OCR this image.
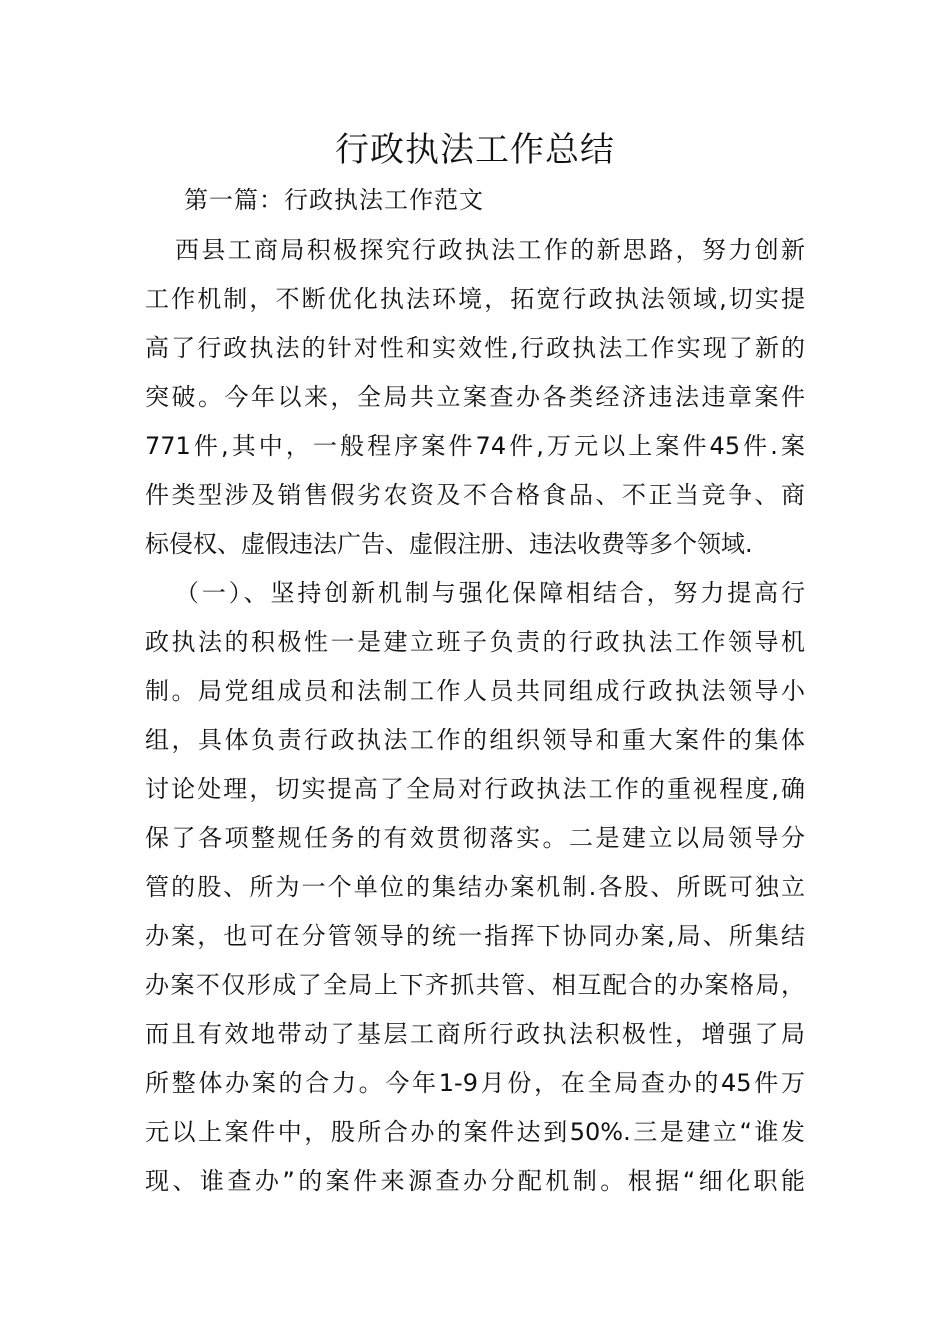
行政执法工作总结
第一篇：行政执法工作范文
西县工商局积极探究行政执法工作的新思路，努力创新
工作机制，不断优化执法环境，拓宽行政执法领域,切实提
高了行政执法的针对性和实效性,行政执法工作实现了新的
突破。今年以来，全局共立案查办各类经济违法违章案件
771件,其中，一般程序案件74件,万元以上案件45件.案
件类型涉及销售假劣农资及不合格食品、不正当竞争、商
标侵权、虚假违法广告、虚假注册、违法收费等多个领域.
（一）、坚持创新机制与强化保障相结合，努力提高行
政执法的积极性一是建立班子负责的行政执法工作领导机
制。局党组成员和法制工作人员共同组成行政执法领导小
组，具体负责行政执法工作的组织领导和重大案件的集体
讨论处理，切实提高了全局对行政执法工作的重视程度,确
保了各项整规任务的有效贯彻落实。二是建立以局领导分
管的股、所为一个单位的集结办案机制.各股、所既可独立
办案，也可在分管领导的统一指挥下协同办案,局、所集结
办案不仅形成了全局上下齐抓共管、相互配合的办案格局，
而且有效地带动了基层工商所行政执法积极性，增强了局
所整体办案的合力。今年1-9月份，在全局查办的45件万
元以上案件中，股所合办的案件达到50%.三是建立“谁发
现、谁查办”的案件来源查办分配机制。根据“细化职能
